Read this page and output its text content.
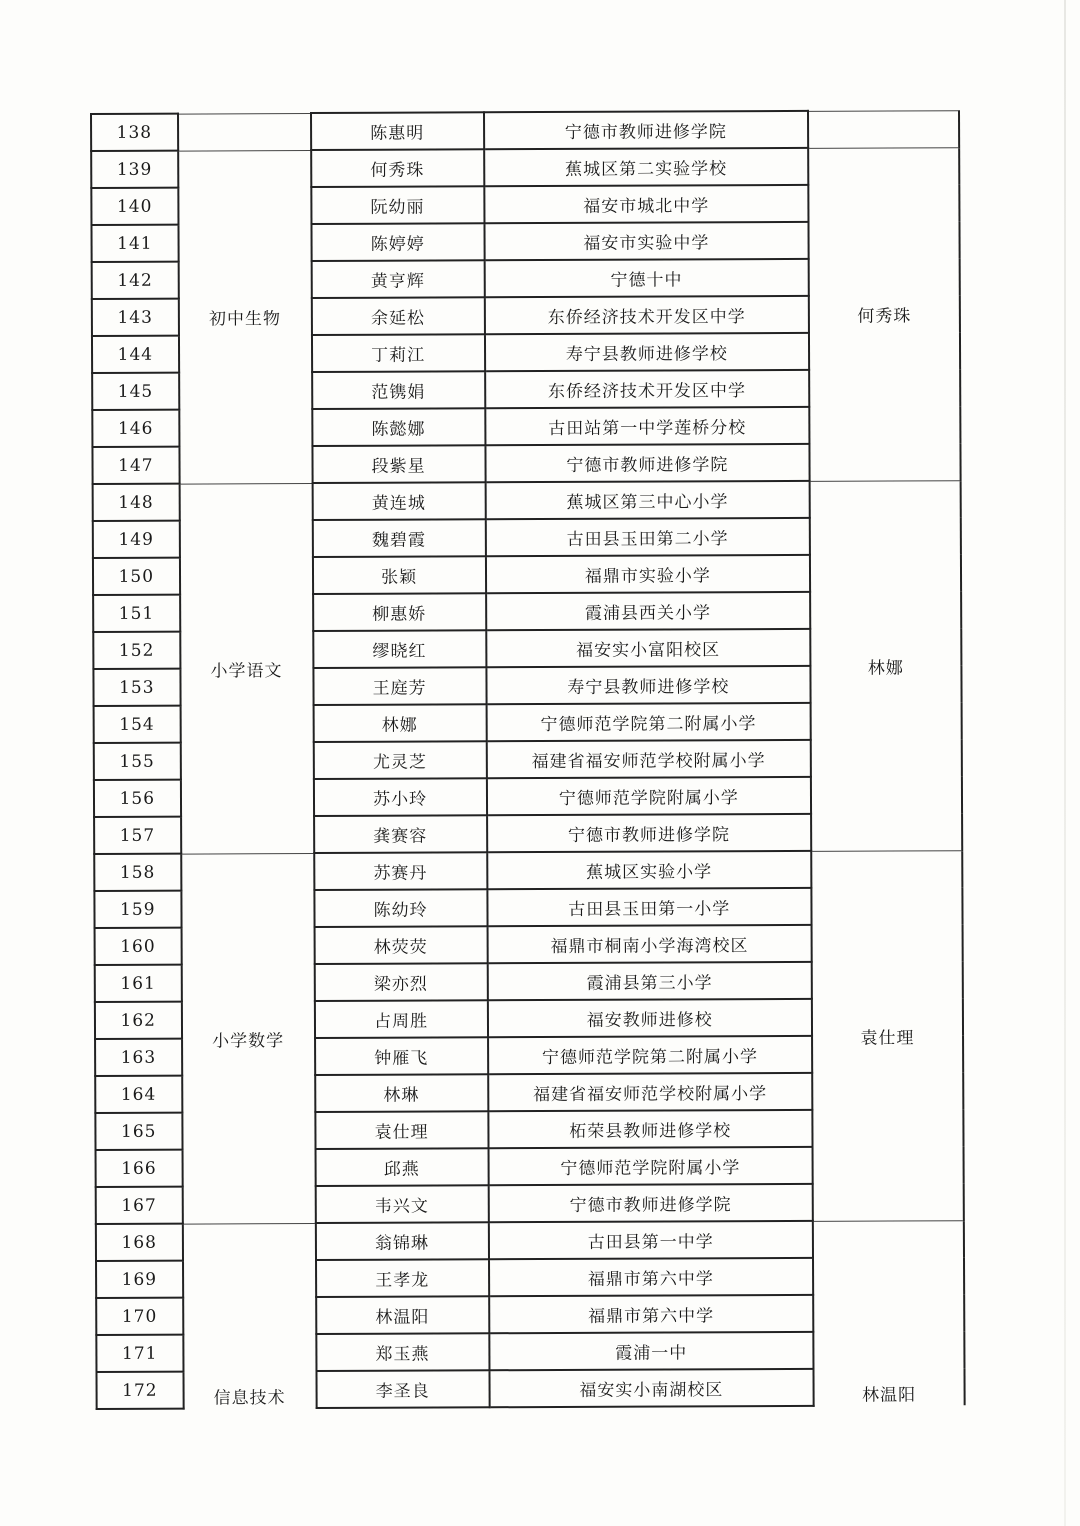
138		陈惠明	宁德市教师进修学院	
139	初中生物	何秀珠	蕉城区第二实验学校	何秀珠
140		阮幼丽	福安市城北中学	
141		陈婷婷	福安市实验中学	
142		黄亨辉	宁德十中	
143		余延松	东侨经济技术开发区中学	
144		丁莉江	寿宁县教师进修学校	
145		范镌娟	东侨经济技术开发区中学	
146		陈懿娜	古田站第一中学莲桥分校	
147		段紫星	宁德市教师进修学院	
148	小学语文	黄连城	蕉城区第三中心小学	林娜
149		魏碧霞	古田县玉田第二小学	
150		张颖	福鼎市实验小学	
151		柳惠娇	霞浦县西关小学	
152		缪晓红	福安实小富阳校区	
153		王庭芳	寿宁县教师进修学校	
154		林娜	宁德师范学院第二附属小学	
155		尤灵芝	福建省福安师范学校附属小学	
156		苏小玲	宁德师范学院附属小学	
157		龚赛容	宁德市教师进修学院	
158	小学数学	苏赛丹	蕉城区实验小学	袁仕理
159		陈幼玲	古田县玉田第一小学	
160		林荧荧	福鼎市桐南小学海湾校区	
161		梁亦烈	霞浦县第三小学	
162		占周胜	福安教师进修校	
163		钟雁飞	宁德师范学院第二附属小学	
164		林琳	福建省福安师范学校附属小学	
165		袁仕理	柘荣县教师进修学校	
166		邱燕	宁德师范学院附属小学	
167		韦兴文	宁德市教师进修学院	
168	信息技术	翁锦琳	古田县第一中学	林温阳
169		王孝龙	福鼎市第六中学	
170		林温阳	福鼎市第六中学	
171		郑玉燕	霞浦一中	
172		李圣良	福安实小南湖校区	
